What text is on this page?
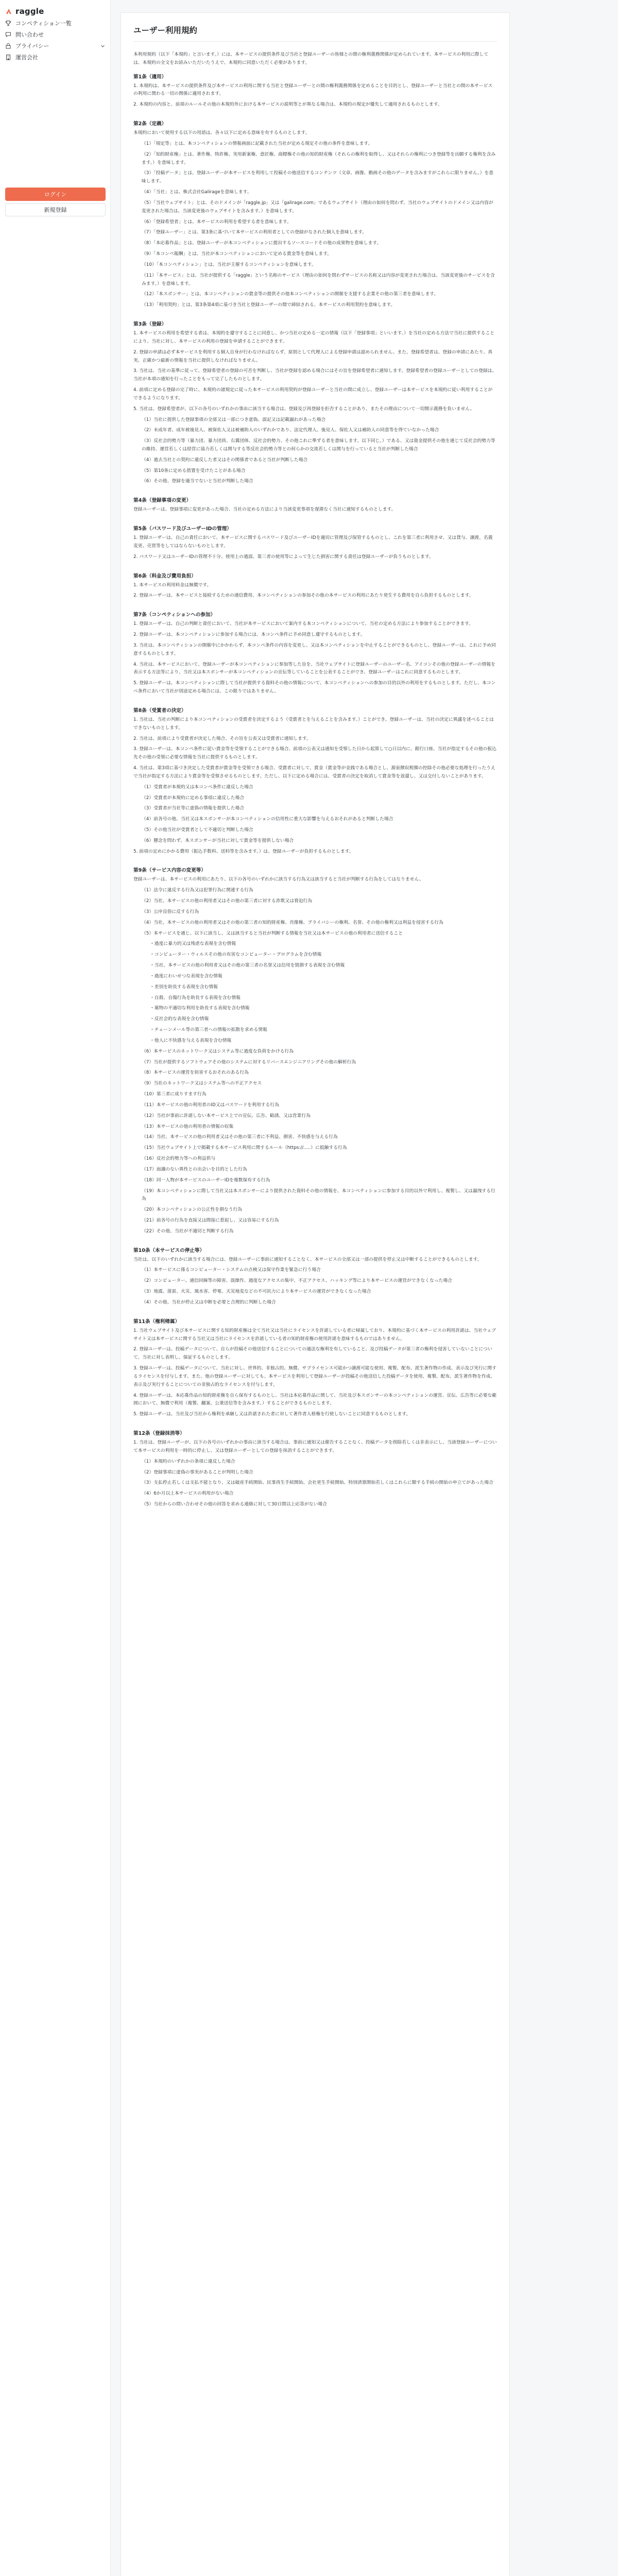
raggle
コンペティション一覧
問い合わせ
プライバシー
運営会社
ログイン
新規登録
ユーザー利用規約

本利用規約（以下「本規約」と言います。）には、本サービスの提供条件及び当社と登録ユーザーの皆様との間の権利義務関係が定められています。本サービスの利用に際しては、本規約の全文をお読みいただいたうえで、本規約に同意いただく必要があります。

第1条（適用）

1. 本規約は、本サービスの提供条件及び本サービスの利用に関する当社と登録ユーザーとの間の権利義務関係を定めることを目的とし、登録ユーザーと当社との間の本サービスの利用に関わる一切の関係に適用されます。

2. 本規約の内容と、前項のルールその他の本規約外における本サービスの説明等とが異なる場合は、本規約の規定が優先して適用されるものとします。

第2条（定義）

本規約において使用する以下の用語は、各々以下に定める意味を有するものとします。

（1）「規定等」とは、本コンペティションの情報画面に記載された当社が定める規定その他の条件を意味します。

（2）「知的財産権」とは、著作権、特許権、実用新案権、意匠権、商標権その他の知的財産権（それらの権利を取得し、又はそれらの権利につき登録等を出願する権利を含みます。）を意味します。

（3）「投稿データ」とは、登録ユーザーが本サービスを利用して投稿その他送信するコンテンツ（文章、画像、動画その他のデータを含みますがこれらに限りません。）を意味します。

（4）「当社」とは、株式会社Galirageを意味します。

（5）「当社ウェブサイト」とは、そのドメインが「raggle.jp」又は「galirage.com」であるウェブサイト（理由の如何を問わず、当社のウェブサイトのドメイン又は内容が変更された場合は、当該変更後のウェブサイトを含みます。）を意味します。

（6）「登録希望者」とは、本サービスの利用を希望する者を意味します。

（7）「登録ユーザー」とは、第3条に基づいて本サービスの利用者としての登録がなされた個人を意味します。

（8）「本応募作品」とは、登録ユーザーが本コンペティションに提出するソースコードその他の成果物を意味します。

（9）「本コンペ報酬」とは、当社が本コンペティションにおいて定める賞金等を意味します。

（10）「本コンペティション」とは、当社が主催するコンペティションを意味します。

（11）「本サービス」とは、当社が提供する「raggle」という名称のサービス（理由の如何を問わずサービスの名称又は内容が変更された場合は、当該変更後のサービスを含みます。）を意味します。

（12）「本スポンサー」とは、本コンペティションの賞金等の提供その他本コンペティションの開催を支援する企業その他の第三者を意味します。

（13）「利用契約」とは、第3条第4項に基づき当社と登録ユーザーの間で締結される、本サービスの利用契約を意味します。

第3条（登録）

1. 本サービスの利用を希望する者は、本規約を遵守することに同意し、かつ当社の定める一定の情報（以下「登録事項」といいます。）を当社の定める方法で当社に提供することにより、当社に対し、本サービスの利用の登録を申請することができます。

2. 登録の申請は必ず本サービスを利用する個人自身が行わなければならず、原則として代理人による登録申請は認められません。また、登録希望者は、登録の申請にあたり、真実、正確かつ最新の情報を当社に提供しなければなりません。

3. 当社は、当社の基準に従って、登録希望者の登録の可否を判断し、当社が登録を認める場合にはその旨を登録希望者に通知します。登録希望者の登録ユーザーとしての登録は、当社が本項の通知を行ったことをもって完了したものとします。

4. 前項に定める登録の完了時に、本規約の諸規定に従った本サービスの利用契約が登録ユーザーと当社の間に成立し、登録ユーザーは本サービスを本規約に従い利用することができるようになります。

5. 当社は、登録希望者が、以下の各号のいずれかの事由に該当する場合は、登録及び再登録を拒否することがあり、またその理由について一切開示義務を負いません。

（1）当社に提供した登録事項の全部又は一部につき虚偽、誤記又は記載漏れがあった場合

（2）未成年者、成年被後見人、被保佐人又は被補助人のいずれかであり、法定代理人、後見人、保佐人又は補助人の同意等を得ていなかった場合

（3）反社会的勢力等（暴力団、暴力団員、右翼団体、反社会的勢力、その他これに準ずる者を意味します。以下同じ。）である、又は資金提供その他を通じて反社会的勢力等の維持、運営若しくは経営に協力若しくは関与する等反社会的勢力等との何らかの交流若しくは関与を行っていると当社が判断した場合

（4）過去当社との契約に違反した者又はその関係者であると当社が判断した場合

（5）第10条に定める措置を受けたことがある場合

（6）その他、登録を適当でないと当社が判断した場合

第4条（登録事項の変更）

登録ユーザーは、登録事項に変更があった場合、当社の定める方法により当該変更事項を遅滞なく当社に通知するものとします。

第5条（パスワード及びユーザーIDの管理）

1. 登録ユーザーは、自己の責任において、本サービスに関するパスワード及びユーザーIDを適切に管理及び保管するものとし、これを第三者に利用させ、又は貸与、譲渡、名義変更、売買等をしてはならないものとします。

2. パスワード又はユーザーIDの管理不十分、使用上の過誤、第三者の使用等によって生じた損害に関する責任は登録ユーザーが負うものとします。

第6条（料金及び費用負担）

1. 本サービスの利用料金は無償です。

2. 登録ユーザーは、本サービスと接続するための通信費用、本コンペティションの参加その他の本サービスの利用にあたり発生する費用を自ら負担するものとします。

第7条（コンペティションへの参加）

1. 登録ユーザーは、自己の判断と責任において、当社が本サービスにおいて案内する本コンペティションについて、当社の定める方法により参加することができます。

2. 登録ユーザーは、本コンペティションに参加する場合には、本コンペ条件に予め同意し遵守するものとします。

3. 当社は、本コンペティションの開催中にかかわらず、本コンペ条件の内容を変更し、又は本コンペティションを中止することができるものとし、登録ユーザーは、これに予め同意するものとします。

4. 当社は、本サービスにおいて、登録ユーザーが本コンペティションに参加等した旨を、当社ウェブサイトに登録ユーザーのユーザー名、アイコンその他の登録ユーザーの情報を表示する方法等により、当社又は本スポンサーが本コンペティションの宣伝等していることを公表することができ、登録ユーザーはこれに同意するものとします。

5. 登録ユーザーは、本コンペティションに際して当社が提供する資料その他の情報について、本コンペティションへの参加の目的以外の利用をするものとします。ただし、本コンペ条件において当社が別途定める場合には、この限りではありません。

第8条（受賞者の決定）

1. 当社は、当社の判断により本コンペティションの受賞者を決定するよう（受賞者とを与えることを含みます。）ことができ、登録ユーザーは、当社の決定に異議を述べることはできないものとします。

2. 当社は、前項により受賞者が決定した場合、その旨を公表又は受賞者に通知します。

3. 登録ユーザーは、本コンペ条件に従い賞金等を受領することができる場合、前項の公表又は通知を受領した日から起算して○日以内に、銀行口座、当社が指定するその他の振込先その他の受領に必要な情報を当社に提供するものとします。

4. 当社は、第3項に基づき決定した受賞者が賞金等を受領できる場合、受賞者に対して、賞金（賞金等が金銭である場合とし、源泉徴収税額の控除その他必要な処理を行ったうえで当社が指定する方法により賞金等を受領させるものとします。ただし、以下に定める場合には、受賞者の決定を取消して賞金等を返還し、又は交付しないことがあります。

（1）受賞者が本規約又は本コンペ条件に違反した場合

（2）受賞者が本規約に定める事項に違反した場合

（3）受賞者が当社等に虚偽の情報を提供した場合

（4）前各号の他、当社又は本スポンサーが本コンペティションの信用性に重大な影響を与えるおそれがあると判断した場合

（5）その他当社が受賞者として不適切と判断した場合

（6）懸念を問わず、本スポンサーが当社に対して賞金等を提供しない場合

5. 前項の定めにかかる費用（振込手数料、送料等を含みます。）は、登録ユーザーが負担するものとします。

第9条（サービス内容の変更等）

登録ユーザーは、本サービスの利用にあたり、以下の各号のいずれかに該当する行為又は該当すると当社が判断する行為をしてはなりません。

（1）法令に違反する行為又は犯罪行為に関連する行為

（2）当社、本サービスの他の利用者又はその他の第三者に対する詐欺又は脅迫行為

（3）公序良俗に反する行為

（4）当社、本サービスの他の利用者又はその他の第三者の知的財産権、肖像権、プライバシーの権利、名誉、その他の権利又は利益を侵害する行為

（5）本サービスを通じ、以下に該当し、又は該当すると当社が判断する情報を当社又は本サービスの他の利用者に送信すること

・過度に暴力的又は残虐な表現を含む情報

・コンピューター・ウィルスその他の有害なコンピューター・プログラムを含む情報

・当社、本サービスの他の利用者又はその他の第三者の名誉又は信用を毀損する表現を含む情報

・過度にわいせつな表現を含む情報

・差別を助長する表現を含む情報

・自殺、自傷行為を助長する表現を含む情報

・薬物の不適切な利用を助長する表現を含む情報

・反社会的な表現を含む情報

・チェーンメール等の第三者への情報の拡散を求める情報

・他人に不快感を与える表現を含む情報

（6）本サービスのネットワーク又はシステム等に過度な負荷をかける行為

（7）当社が提供するソフトウェアその他のシステムに対するリバースエンジニアリングその他の解析行為

（8）本サービスの運営を妨害するおそれのある行為

（9）当社のネットワーク又はシステム等への不正アクセス

（10）第三者に成りすます行為

（11）本サービスの他の利用者のID又はパスワードを利用する行為

（12）当社が事前に許諾しない本サービス上での宣伝、広告、勧誘、又は営業行為

（13）本サービスの他の利用者の情報の収集

（14）当社、本サービスの他の利用者又はその他の第三者に不利益、損害、不快感を与える行為

（15）当社ウェブサイト上で掲載する本サービス利用に関するルール（https://.....）に抵触する行為

（16）反社会的勢力等への利益供与

（17）面識のない異性との出会いを目的とした行為

（18）同一人物が本サービスのユーザーIDを複数保有する行為

（19）本コンペティションに際して当社又は本スポンサーにより提供された資料その他の情報を、本コンペティションに参加する目的以外で利用し、複製し、又は漏洩する行為

（20）本コンペティションの公正性を損なう行為

（21）前各号の行為を直接又は間接に惹起し、又は容易にする行為

（22）その他、当社が不適切と判断する行為

第10条（本サービスの停止等）

当社は、以下のいずれかに該当する場合には、登録ユーザーに事前に通知することなく、本サービスの全部又は一部の提供を停止又は中断することができるものとします。

（1）本サービスに係るコンピューター・システムの点検又は保守作業を緊急に行う場合

（2）コンピューター、通信回線等の障害、誤操作、過度なアクセスの集中、不正アクセス、ハッキング等により本サービスの運営ができなくなった場合

（3）地震、落雷、火災、風水害、停電、天災地変などの不可抗力により本サービスの運営ができなくなった場合

（4）その他、当社が停止又は中断を必要と合理的に判断した場合

第11条（権利帰属）

1. 当社ウェブサイト及び本サービスに関する知的財産権は全て当社又は当社にライセンスを許諾している者に帰属しており、本規約に基づく本サービスの利用許諾は、当社ウェブサイト又は本サービスに関する当社又は当社にライセンスを許諾している者の知的財産権の使用許諾を意味するものではありません。

2. 登録ユーザーは、投稿データについて、自らが投稿その他送信することについての適法な権利を有していること、及び投稿データが第三者の権利を侵害していないことについて、当社に対し表明し、保証するものとします。

3. 登録ユーザーは、投稿データについて、当社に対し、世界的、非独占的、無償、サブライセンス可能かつ譲渡可能な使用、複製、配布、派生著作物の作成、表示及び実行に関するライセンスを付与します。また、他の登録ユーザーに対しても、本サービスを利用して登録ユーザーが投稿その他送信した投稿データを使用、複製、配布、派生著作物を作成、表示及び実行することについての非独占的なライセンスを付与します。

4. 登録ユーザーは、本応募作品の知的財産権を自ら保有するものとし、当社は本応募作品に関して、当社及び本スポンサーの本コンペティションの運営、宣伝、広告等に必要な範囲において、無償で利用（複製、翻案、公衆送信等を含みます。）することができるものとします。

5. 登録ユーザーは、当社及び当社から権利を承継し又は許諾された者に対して著作者人格権を行使しないことに同意するものとします。

第12条（登録抹消等）

1. 当社は、登録ユーザーが、以下の各号のいずれかの事由に該当する場合は、事前に通知又は催告することなく、投稿データを削除若しくは非表示にし、当該登録ユーザーについて本サービスの利用を一時的に停止し、又は登録ユーザーとしての登録を抹消することができます。

（1）本規約のいずれかの条項に違反した場合

（2）登録事項に虚偽の事実があることが判明した場合

（3）支払停止若しくは支払不能となり、又は破産手続開始、民事再生手続開始、会社更生手続開始、特別清算開始若しくはこれらに類する手続の開始の申立てがあった場合

（4）6か月以上本サービスの利用がない場合

（5）当社からの問い合わせその他の回答を求める連絡に対して30日間以上応答がない場合
